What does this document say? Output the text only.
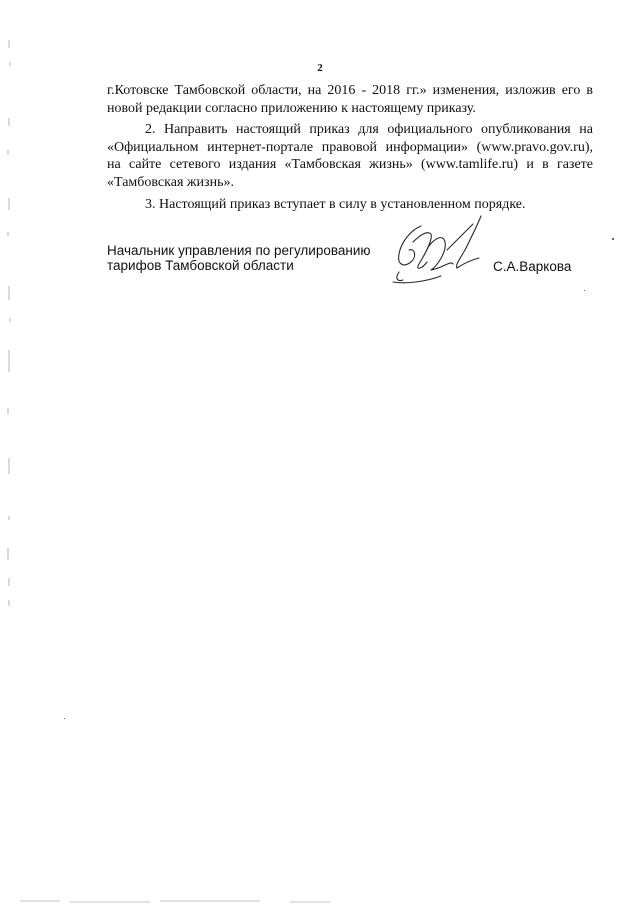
2

г.Котовске Тамбовской области, на 2016 - 2018 гг.» изменения, изложив его в
новой редакции согласно приложению к настоящему приказу.

2. Направить настоящий приказ для официального опубликования на
«Официальном интернет-портале правовой информации» (www.pravo.gov.ru),
на сайте сетевого издания «Тамбовская жизнь» (www.tamlife.ru) и в газете
«Тамбовская жизнь».

3. Настоящий приказ вступает в силу в установленном порядке.

Начальник управления по регулированию
тарифов Тамбовской области	С.А.Варкова
